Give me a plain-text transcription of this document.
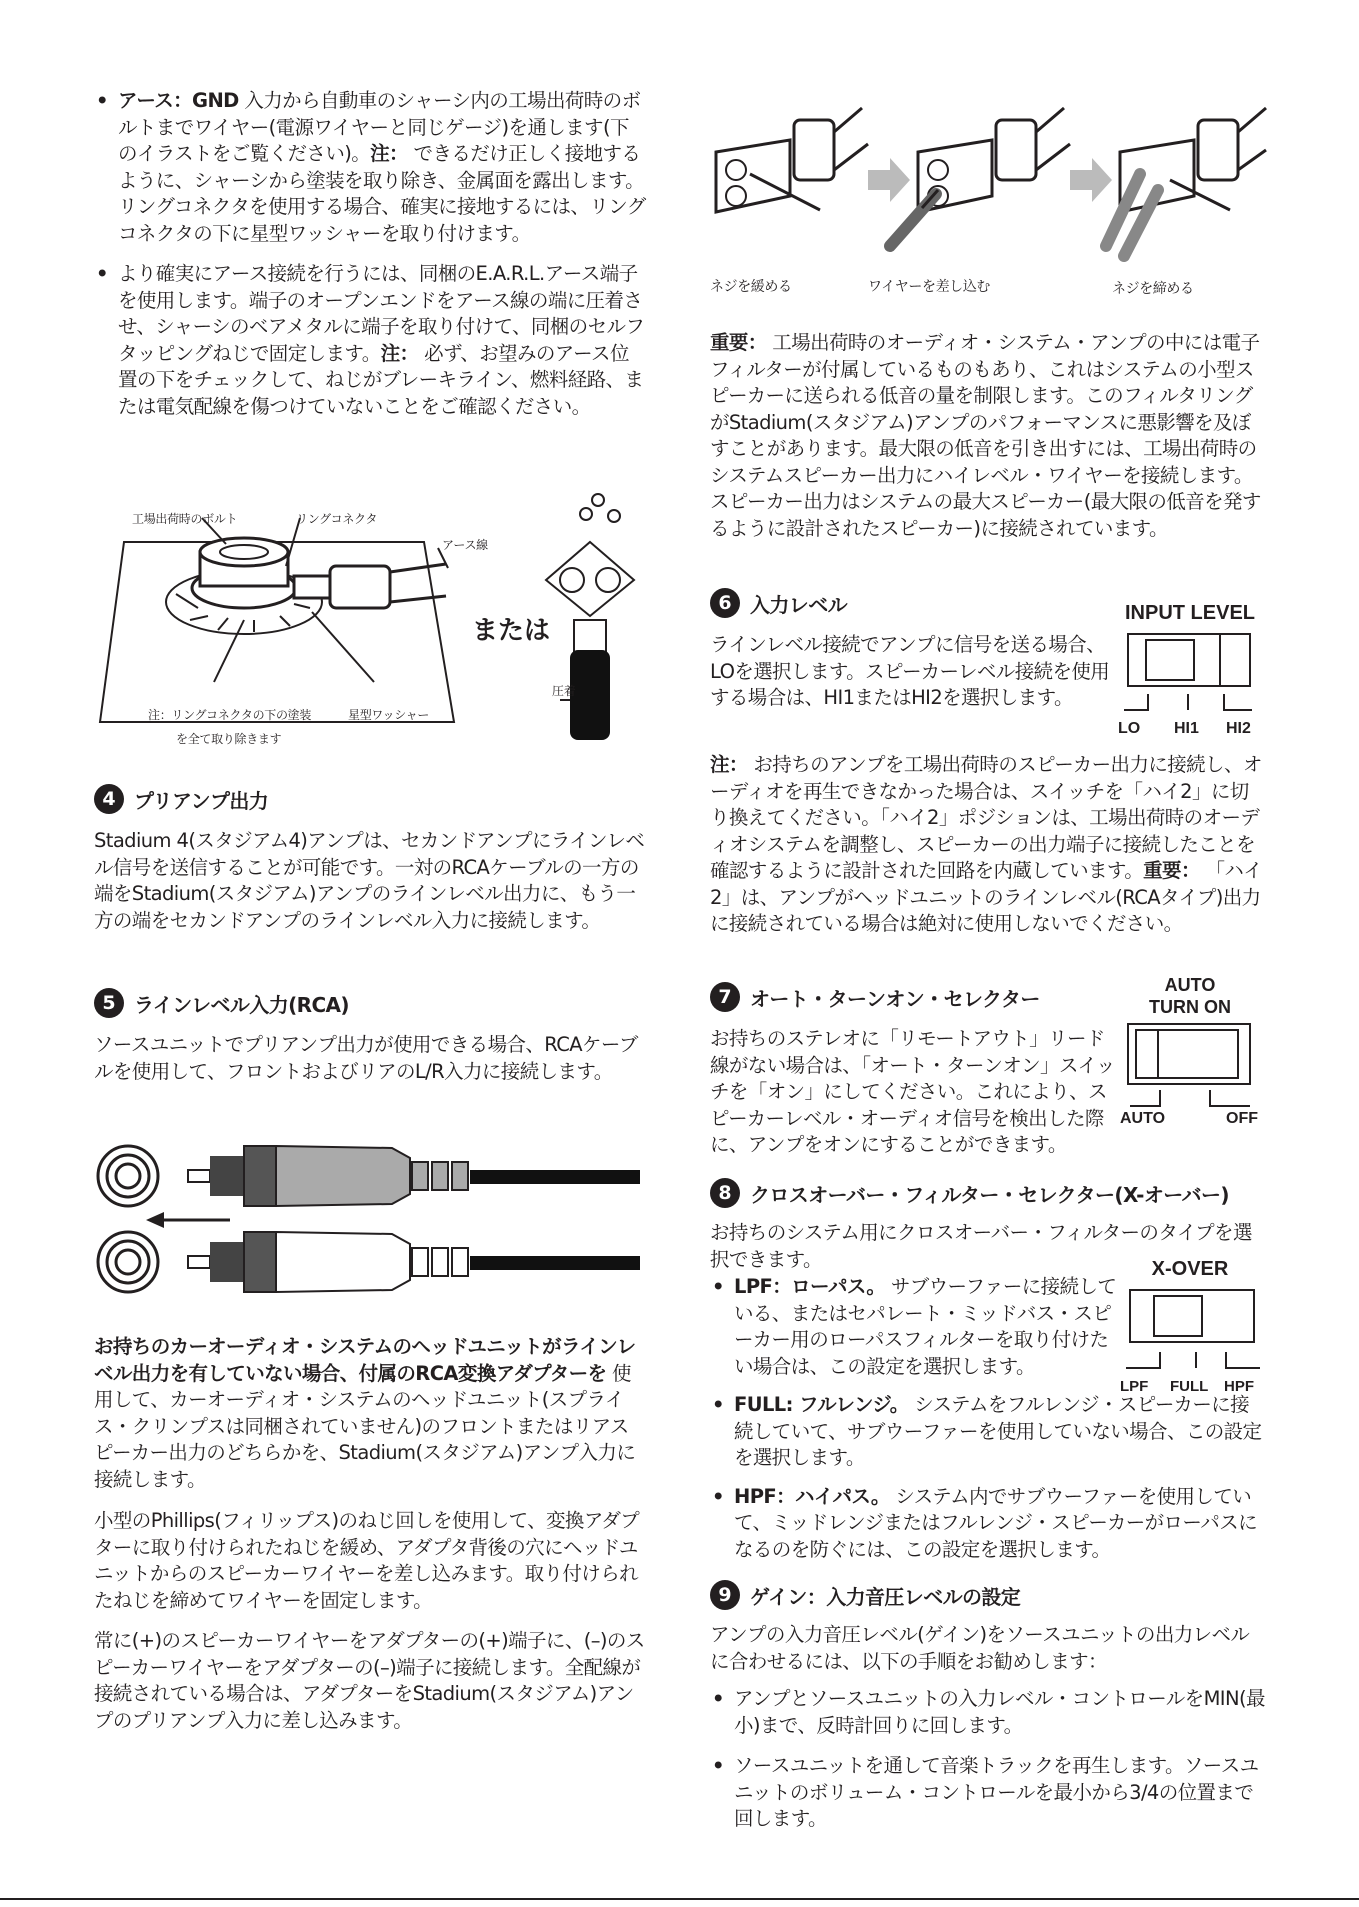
• アース：GND 入力から自動車のシャーシ内の工場出荷時のボルトまでワイヤー(電源ワイヤーと同じゲージ)を通します(下のイラストをご覧ください)。注： できるだけ正しく接地するように、シャーシから塗装を取り除き、金属面を露出します。リングコネクタを使用する場合、確実に接地するには、リングコネクタの下に星型ワッシャーを取り付けます。
• より確実にアース接続を行うには、同梱のE.A.R.L.アース端子を使用します。端子のオープンエンドをアース線の端に圧着させ、シャーシのベアメタルに端子を取り付けて、同梱のセルフタッピングねじで固定します。注： 必ず、お望みのアース位置の下をチェックして、ねじがブレーキライン、燃料経路、または電気配線を傷つけていないことをご確認ください。
工場出荷時のボルト	リングコネクタ
アース線
または
圧着
注：リングコネクタの下の塗装
を全て取り除きます
星型ワッシャー
4 プリアンプ出力

Stadium 4(スタジアム4)アンプは、セカンドアンプにラインレベル信号を送信することが可能です。一対のRCAケーブルの一方の端をStadium(スタジアム)アンプのラインレベル出力に、もう一方の端をセカンドアンプのラインレベル入力に接続します。

5 ラインレベル入力(RCA)

ソースユニットでプリアンプ出力が使用できる場合、RCAケーブルを使用して、フロントおよびリアのL/R入力に接続します。

お持ちのカーオーディオ・システムのヘッドユニットがラインレベル出力を有していない場合、付属のRCA変換アダプターを 使用して、カーオーディオ・システムのヘッドユニット(スプライス・クリンプスは同梱されていません)のフロントまたはリアスピーカー出力のどちらかを、Stadium(スタジアム)アンプ入力に接続します。

小型のPhillips(フィリップス)のねじ回しを使用して、変換アダプターに取り付けられたねじを緩め、アダプタ背後の穴にヘッドユニットからのスピーカーワイヤーを差し込みます。取り付けられたねじを締めてワイヤーを固定します。

常に(+)のスピーカーワイヤーをアダプターの(+)端子に、(–)のスピーカーワイヤーをアダプターの(–)端子に接続します。全配線が接続されている場合は、アダプターをStadium(スタジアム)アンプのプリアンプ入力に差し込みます。

ネジを緩める	ワイヤーを差し込む	ネジを締める

重要： 工場出荷時のオーディオ・システム・アンプの中には電子フィルターが付属しているものもあり、これはシステムの小型スピーカーに送られる低音の量を制限します。このフィルタリングがStadium(スタジアム)アンプのパフォーマンスに悪影響を及ぼすことがあります。最大限の低音を引き出すには、工場出荷時のシステムスピーカー出力にハイレベル・ワイヤーを接続します。スピーカー出力はシステムの最大スピーカー(最大限の低音を発するように設計されたスピーカー)に接続されています。

6 入力レベル

ラインレベル接続でアンプに信号を送る場合、LOを選択します。スピーカーレベル接続を使用する場合は、HI1またはHI2を選択します。

INPUT LEVEL
LO HI1 HI2

注： お持ちのアンプを工場出荷時のスピーカー出力に接続し、オーディオを再生できなかった場合は、スイッチを「ハイ2」に切り換えてください。「ハイ2」ポジションは、工場出荷時のオーディオシステムを調整し、スピーカーの出力端子に接続したことを確認するように設計された回路を内蔵しています。重要： 「ハイ2」は、アンプがヘッドユニットのラインレベル(RCAタイプ)出力に接続されている場合は絶対に使用しないでください。

7 オート・ターンオン・セレクター

お持ちのステレオに「リモートアウト」リード線がない場合は、「オート・ターンオン」スイッチを「オン」にしてください。これにより、スピーカーレベル・オーディオ信号を検出した際に、アンプをオンにすることができます。

AUTO
TURN ON
AUTO	OFF
8 クロスオーバー・フィルター・セレクター(X-オーバー)

お持ちのシステム用にクロスオーバー・フィルターのタイプを選択できます。	X-OVER
LPF FULL HPF
• LPF：ローパス。 サブウーファーに接続している、またはセパレート・ミッドバス・スピーカー用のローパスフィルターを取り付けたい場合は、この設定を選択します。
• FULL: フルレンジ。 システムをフルレンジ・スピーカーに接続していて、サブウーファーを使用していない場合、この設定を選択します。
• HPF：ハイパス。 システム内でサブウーファーを使用していて、ミッドレンジまたはフルレンジ・スピーカーがローパスになるのを防ぐには、この設定を選択します。
9 ゲイン：入力音圧レベルの設定

アンプの入力音圧レベル(ゲイン)をソースユニットの出力レベルに合わせるには、以下の手順をお勧めします：

• アンプとソースユニットの入力レベル・コントロールをMIN(最小)まで、反時計回りに回します。
• ソースユニットを通して音楽トラックを再生します。ソースユニットのボリューム・コントロールを最小から3/4の位置まで回します。
